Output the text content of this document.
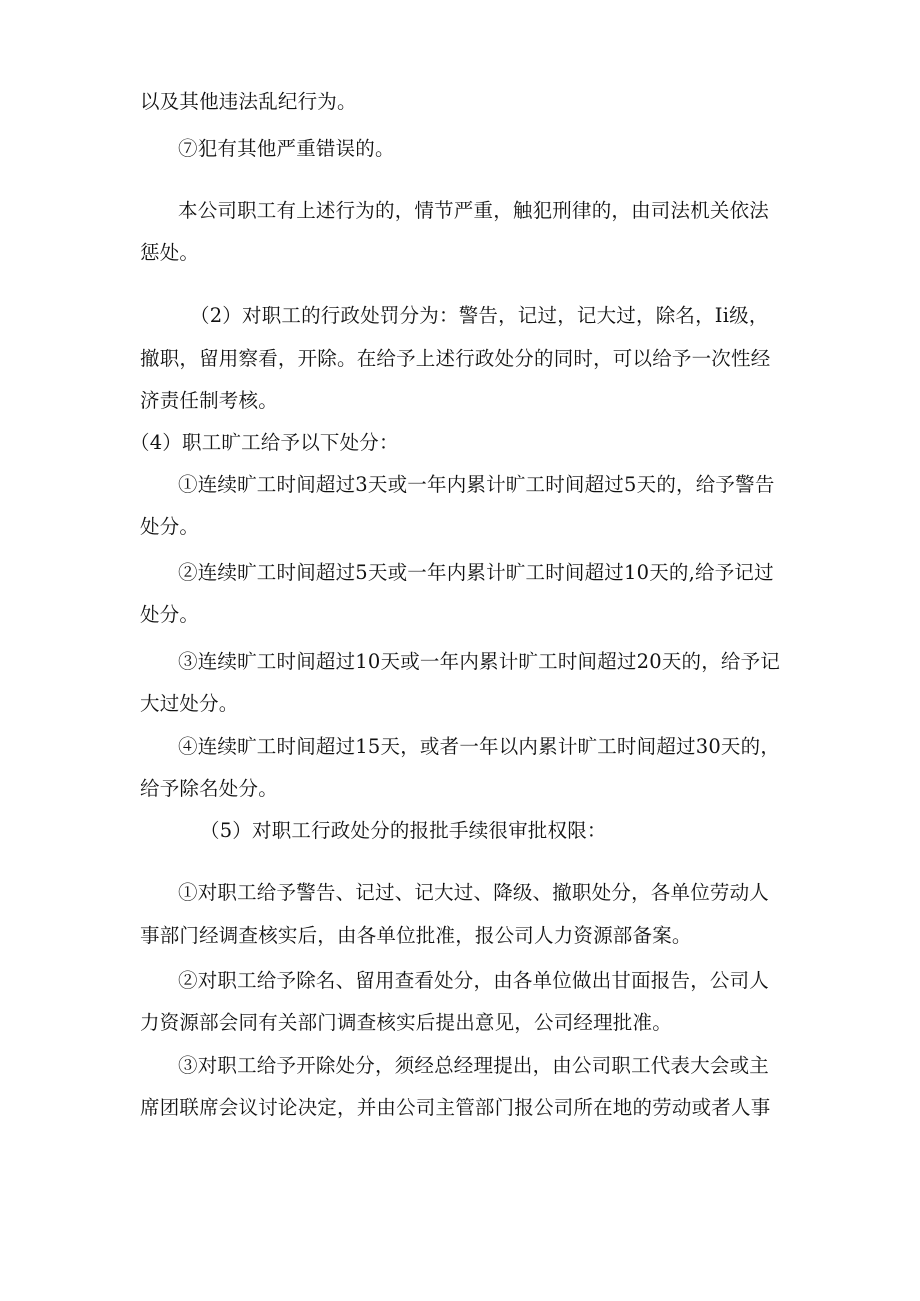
以及其他违法乱纪行为。
⑦犯有其他严重错误的。
本公司职工有上述行为的，情节严重，触犯刑律的，由司法机关依法
惩处。
（2）对职工的行政处罚分为：警告，记过，记大过，除名，Ii级，
撤职，留用察看，开除。在给予上述行政处分的同时，可以给予一次性经
济责任制考核。
（4）职工旷工给予以下处分：
①连续旷工时间超过3天或一年内累计旷工时间超过5天的，给予警告
处分。
②连续旷工时间超过5天或一年内累计旷工时间超过10天的,给予记过
处分。
③连续旷工时间超过10天或一年内累计旷工时间超过20天的，给予记
大过处分。
④连续旷工时间超过15天，或者一年以内累计旷工时间超过30天的，
给予除名处分。
（5）对职工行政处分的报批手续很审批权限：
①对职工给予警告、记过、记大过、降级、撤职处分，各单位劳动人
事部门经调查核实后，由各单位批准，报公司人力资源部备案。
②对职工给予除名、留用查看处分，由各单位做出甘面报告，公司人
力资源部会同有关部门调查核实后提出意见，公司经理批准。
③对职工给予开除处分，须经总经理提出，由公司职工代表大会或主
席团联席会议讨论决定，并由公司主管部门报公司所在地的劳动或者人事
